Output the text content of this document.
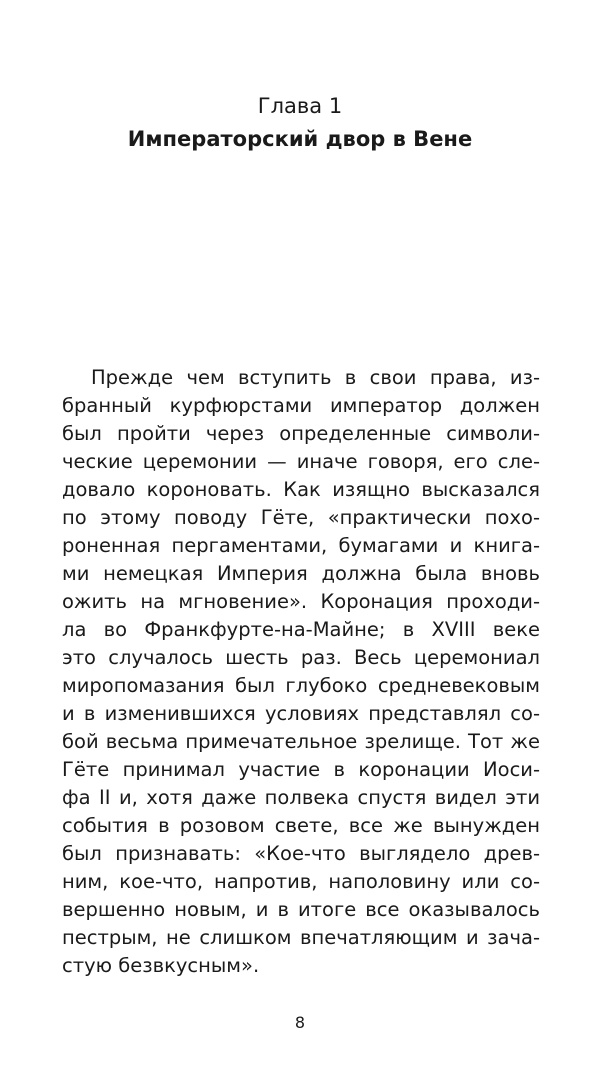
Глава 1
Императорский двор в Вене
Прежде чем вступить в свои права, из-
бранный курфюрстами император должен
был пройти через определенные символи-
ческие церемонии — иначе говоря, его сле-
довало короновать. Как изящно высказался
по этому поводу Гёте, «практически похо-
роненная пергаментами, бумагами и книга-
ми немецкая Империя должна была вновь
ожить на мгновение». Коронация проходи-
ла во Франкфурте-на-Майне; в XVIII веке
это случалось шесть раз. Весь церемониал
миропомазания был глубоко средневековым
и в изменившихся условиях представлял со-
бой весьма примечательное зрелище. Тот же
Гёте принимал участие в коронации Иоси-
фа II и, хотя даже полвека спустя видел эти
события в розовом свете, все же вынужден
был признавать: «Кое-что выглядело древ-
ним, кое-что, напротив, наполовину или со-
вершенно новым, и в итоге все оказывалось
пестрым, не слишком впечатляющим и зача-
стую безвкусным».
8
